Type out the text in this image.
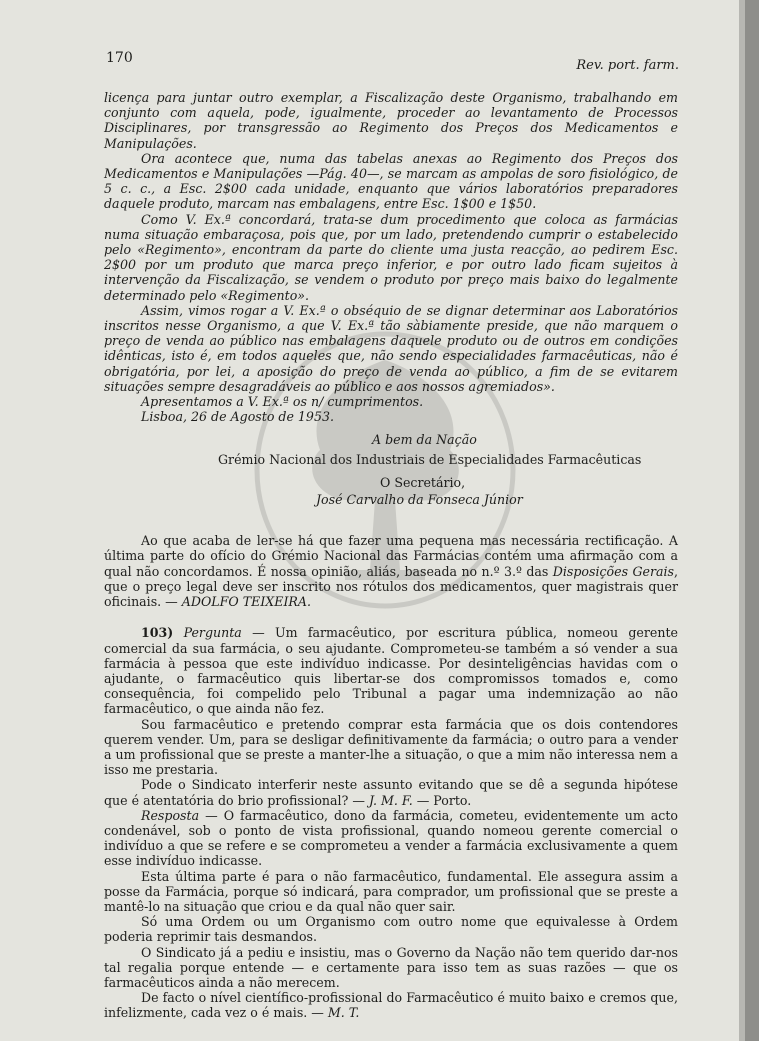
170	Rev. port. farm.

licença para juntar outro exemplar, a Fiscalização deste Organismo, trabalhando em conjunto com aquela, pode, igualmente, proceder ao levantamento de Processos Disciplinares, por transgressão ao Regimento dos Preços dos Medicamentos e Manipulações.

Ora acontece que, numa das tabelas anexas ao Regimento dos Preços dos Medicamentos e Manipulações —Pág. 40—, se marcam as ampolas de soro fisiológico, de 5 c. c., a Esc. 2$00 cada unidade, enquanto que vários laboratórios preparadores daquele produto, marcam nas embalagens, entre Esc. 1$00 e 1$50.

Como V. Ex.ª concordará, trata-se dum procedimento que coloca as farmácias numa situação embaraçosa, pois que, por um lado, pretendendo cumprir o estabelecido pelo «Regimento», encontram da parte do cliente uma justa reacção, ao pedirem Esc. 2$00 por um produto que marca preço inferior, e por outro lado ficam sujeitos à intervenção da Fiscalização, se vendem o produto por preço mais baixo do legalmente determinado pelo «Regimento».

Assim, vimos rogar a V. Ex.ª o obséquio de se dignar determinar aos Laboratórios inscritos nesse Organismo, a que V. Ex.ª tão sàbiamente preside, que não marquem o preço de venda ao público nas embalagens daquele produto ou de outros em condições idênticas, isto é, em todos aqueles que, não sendo especialidades farmacêuticas, não é obrigatória, por lei, a aposição do preço de venda ao público, a fim de se evitarem situações sempre desagradáveis ao público e aos nossos agremiados».

Apresentamos a V. Ex.ª os n/ cumprimentos.

Lisboa, 26 de Agosto de 1953.

A bem da Nação

Grémio Nacional dos Industriais de Especialidades Farmacêuticas

O Secretário,

José Carvalho da Fonseca Júnior

Ao que acaba de ler-se há que fazer uma pequena mas necessária rectificação. A última parte do ofício do Grémio Nacional das Farmácias contém uma afirmação com a qual não concordamos. É nossa opinião, aliás, baseada no n.º 3.º das Disposições Gerais, que o preço legal deve ser inscrito nos rótulos dos medicamentos, quer magistrais quer oficinais. — ADOLFO TEIXEIRA.

103) Pergunta — Um farmacêutico, por escritura pública, nomeou gerente comercial da sua farmácia, o seu ajudante. Comprometeu-se também a só vender a sua farmácia à pessoa que este indivíduo indicasse. Por desinteligências havidas com o ajudante, o farmacêutico quis libertar-se dos compromissos tomados e, como consequência, foi compelido pelo Tribunal a pagar uma indemnização ao não farmacêutico, o que ainda não fez.

Sou farmacêutico e pretendo comprar esta farmácia que os dois contendores querem vender. Um, para se desligar definitivamente da farmácia; o outro para a vender a um profissional que se preste a manter-lhe a situação, o que a mim não interessa nem a isso me prestaria.

Pode o Sindicato interferir neste assunto evitando que se dê a segunda hipótese que é atentatória do brio profissional? — J. M. F. — Porto.

Resposta — O farmacêutico, dono da farmácia, cometeu, evidentemente um acto condenável, sob o ponto de vista profissional, quando nomeou gerente comercial o indivíduo a que se refere e se comprometeu a vender a farmácia exclusivamente a quem esse indivíduo indicasse.

Esta última parte é para o não farmacêutico, fundamental. Ele assegura assim a posse da Farmácia, porque só indicará, para comprador, um profissional que se preste a mantê-lo na situação que criou e da qual não quer sair.

Só uma Ordem ou um Organismo com outro nome que equivalesse à Ordem poderia reprimir tais desmandos.

O Sindicato já a pediu e insistiu, mas o Governo da Nação não tem querido dar-nos tal regalia porque entende — e certamente para isso tem as suas razões — que os farmacêuticos ainda a não merecem.

De facto o nível científico-profissional do Farmacêutico é muito baixo e cremos que, infelizmente, cada vez o é mais. — M. T.
